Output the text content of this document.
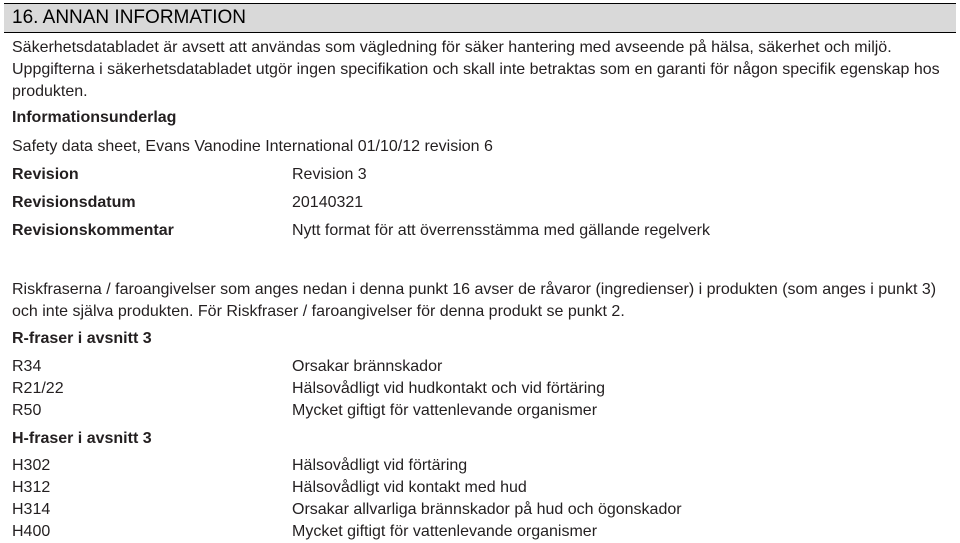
16. ANNAN INFORMATION

Säkerhetsdatabladet är avsett att användas som vägledning för säker hantering med avseende på hälsa, säkerhet och miljö. Uppgifterna i säkerhetsdatabladet utgör ingen specifikation och skall inte betraktas som en garanti för någon specifik egenskap hos produkten.

Informationsunderlag
Safety data sheet, Evans Vanodine International 01/10/12 revision 6
Revision	Revision 3
Revisionsdatum	20140321
Revisionskommentar	Nytt format för att överrensstämma med gällande regelverk

Riskfraserna / faroangivelser som anges nedan i denna punkt 16 avser de råvaror (ingredienser) i produkten (som anges i punkt 3) och inte själva produkten. För Riskfraser / faroangivelser för denna produkt se punkt 2.

R-fraser i avsnitt 3
R34	Orsakar brännskador
R21/22	Hälsovådligt vid hudkontakt och vid förtäring
R50	Mycket giftigt för vattenlevande organismer
H-fraser i avsnitt 3
H302	Hälsovådligt vid förtäring
H312	Hälsovådligt vid kontakt med hud
H314	Orsakar allvarliga brännskador på hud och ögonskador
H400	Mycket giftigt för vattenlevande organismer
